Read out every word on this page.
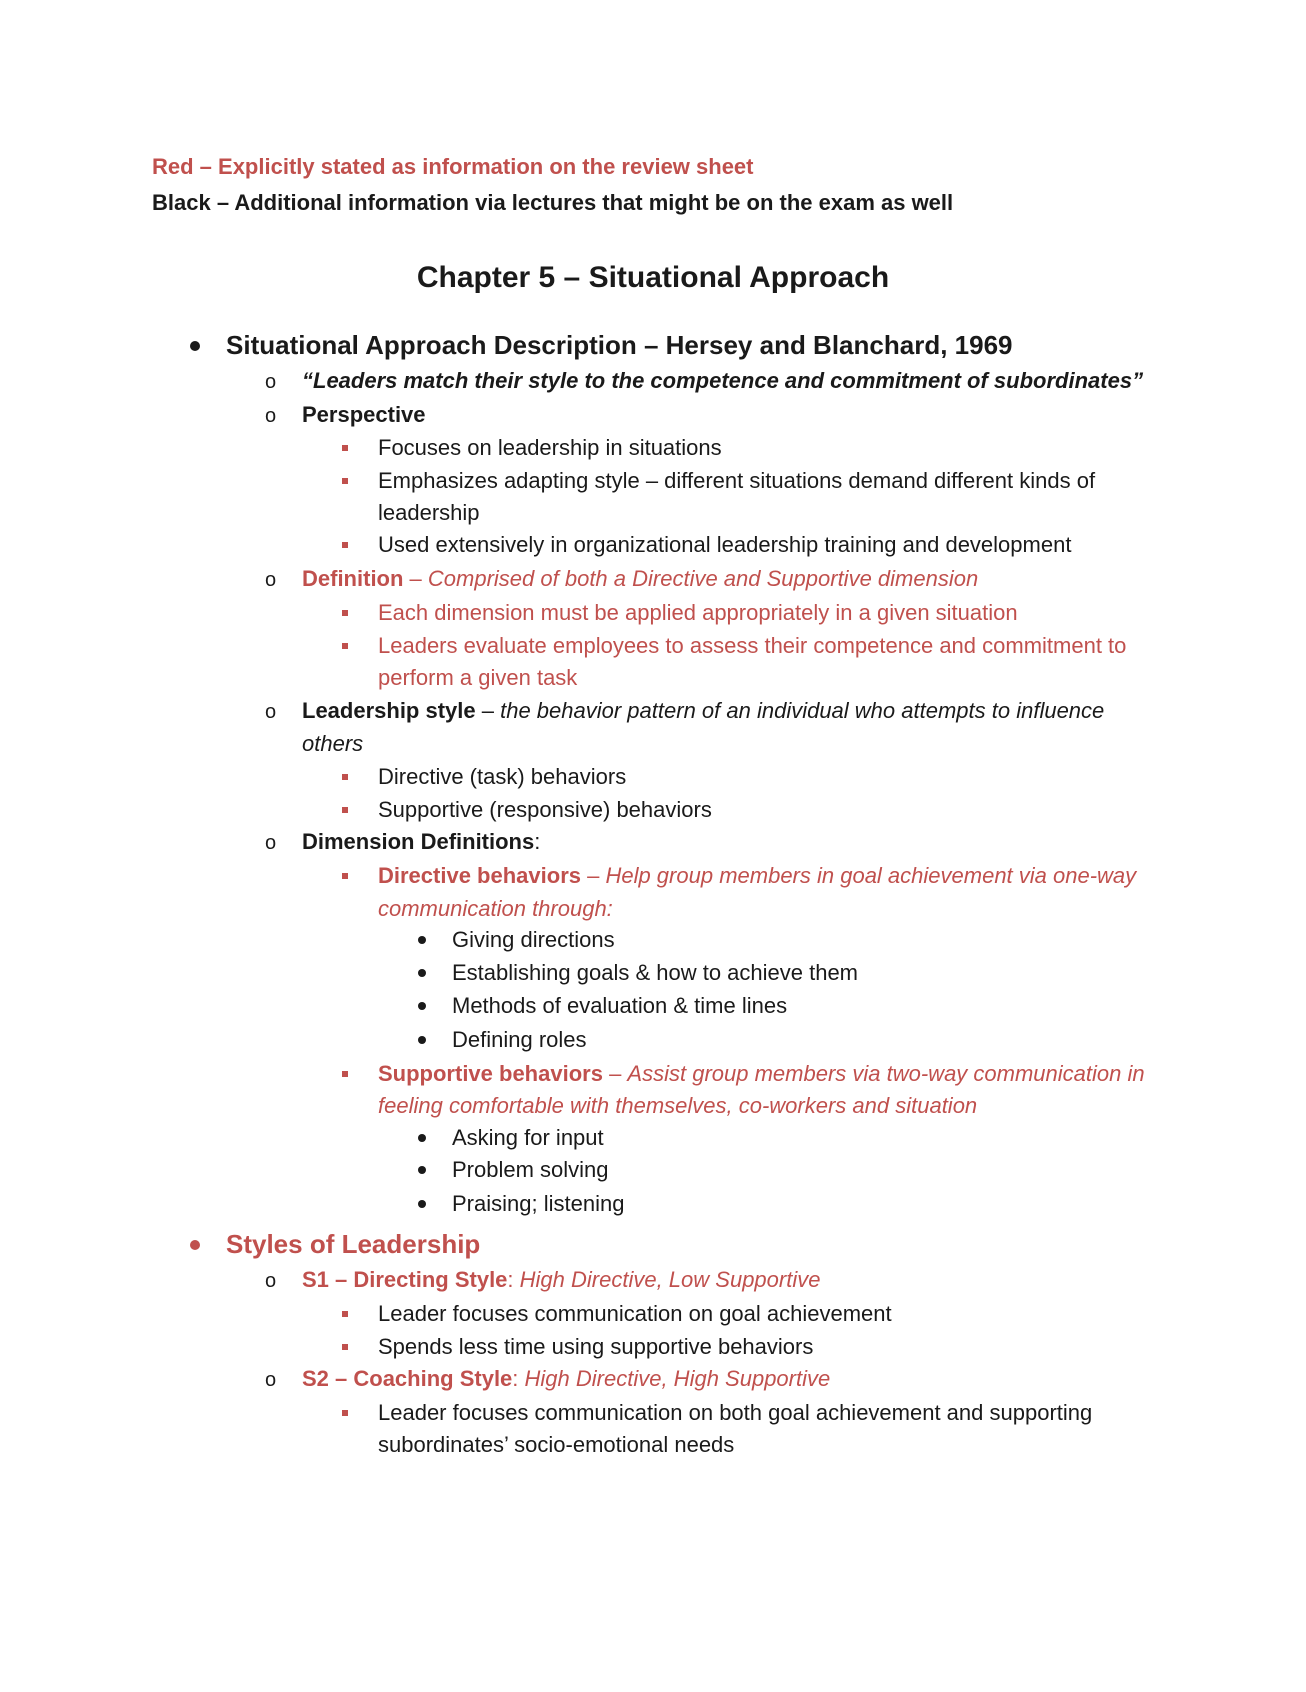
Red – Explicitly stated as information on the review sheet
Black – Additional information via lectures that might be on the exam as well
Chapter 5 – Situational Approach
Situational Approach Description – Hersey and Blanchard, 1969
o “Leaders match their style to the competence and commitment of subordinates”
o Perspective
Focuses on leadership in situations
Emphasizes adapting style – different situations demand different kinds of
leadership
Used extensively in organizational leadership training and development
o Definition – Comprised of both a Directive and Supportive dimension
Each dimension must be applied appropriately in a given situation
Leaders evaluate employees to assess their competence and commitment to
perform a given task
o Leadership style – the behavior pattern of an individual who attempts to influence
others
Directive (task) behaviors
Supportive (responsive) behaviors
o Dimension Definitions:
Directive behaviors – Help group members in goal achievement via one-way
communication through:
Giving directions
Establishing goals & how to achieve them
Methods of evaluation & time lines
Defining roles
Supportive behaviors – Assist group members via two-way communication in
feeling comfortable with themselves, co-workers and situation
Asking for input
Problem solving
Praising; listening
Styles of Leadership
o S1 – Directing Style: High Directive, Low Supportive
Leader focuses communication on goal achievement
Spends less time using supportive behaviors
o S2 – Coaching Style: High Directive, High Supportive
Leader focuses communication on both goal achievement and supporting
subordinates’ socio-emotional needs
